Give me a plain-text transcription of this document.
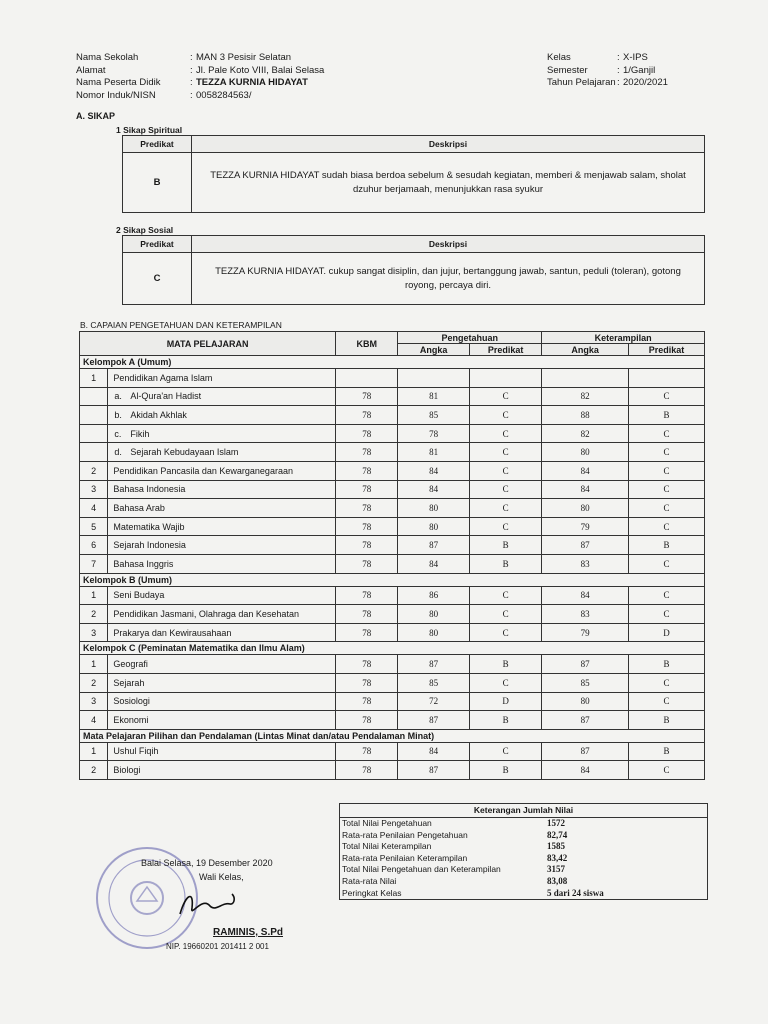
Nama Sekolah	: MAN 3 Pesisir Selatan
Alamat	: Jl. Pale Koto VIII, Balai Selasa
Nama Peserta Didik	: TEZZA KURNIA HIDAYAT
Nomor Induk/NISN	: 0058284563/
Kelas	: X-IPS
Semester	: 1/Ganjil
Tahun Pelajaran : 2020/2021
A. SIKAP
1 Sikap Spiritual
Predikat	Deskripsi
B	TEZZA KURNIA HIDAYAT sudah biasa berdoa sebelum & sesudah kegiatan, memberi & menjawab salam, sholat dzuhur berjamaah, menunjukkan rasa syukur
2 Sikap Sosial
Predikat	Deskripsi
C	TEZZA KURNIA HIDAYAT. cukup sangat disiplin, dan jujur, bertanggung jawab, santun, peduli (toleran), gotong royong, percaya diri.
B. CAPAIAN PENGETAHUAN DAN KETERAMPILAN
MATA PELAJARAN		KBM	Pengetahuan		Keterampilan	
			Angka	Predikat	Angka	Predikat
Kelompok A (Umum)						
1	Pendidikan Agama Islam					
	a. Al-Qura'an Hadist	78	81	C	82	C
	b. Akidah Akhlak	78	85	C	88	B
	c. Fikih	78	78	C	82	C
	d. Sejarah Kebudayaan Islam	78	81	C	80	C
2	Pendidikan Pancasila dan Kewarganegaraan	78	84	C	84	C
3	Bahasa Indonesia	78	84	C	84	C
4	Bahasa Arab	78	80	C	80	C
5	Matematika Wajib	78	80	C	79	C
6	Sejarah Indonesia	78	87	B	87	B
7	Bahasa Inggris	78	84	B	83	C
Kelompok B (Umum)						
1	Seni Budaya	78	86	C	84	C
2	Pendidikan Jasmani, Olahraga dan Kesehatan	78	80	C	83	C
3	Prakarya dan Kewirausahaan	78	80	C	79	D
Kelompok C (Peminatan Matematika dan Ilmu Alam)						
1	Geografi	78	87	B	87	B
2	Sejarah	78	85	C	85	C
3	Sosiologi	78	72	D	80	C
4	Ekonomi	78	87	B	87	B
Mata Pelajaran Pilihan dan Pendalaman (Lintas Minat dan/atau Pendalaman Minat)						
1	Ushul Fiqih	78	84	C	87	B
2	Biologi	78	87	B	84	C
Keterangan Jumlah Nilai
Total Nilai Pengetahuan	1572
Rata-rata Penilaian Pengetahuan	82,74
Total Nilai Keterampilan	1585
Rata-rata Penilaian Keterampilan	83,42
Total Nilai Pengetahuan dan Keterampilan	3157
Rata-rata Nilai	83,08
Peringkat Kelas	5 dari 24 siswa
Balai Selasa, 19 Desember 2020
Wali Kelas,
RAMINIS, S.Pd
NIP. 19660201 201411 2 001
